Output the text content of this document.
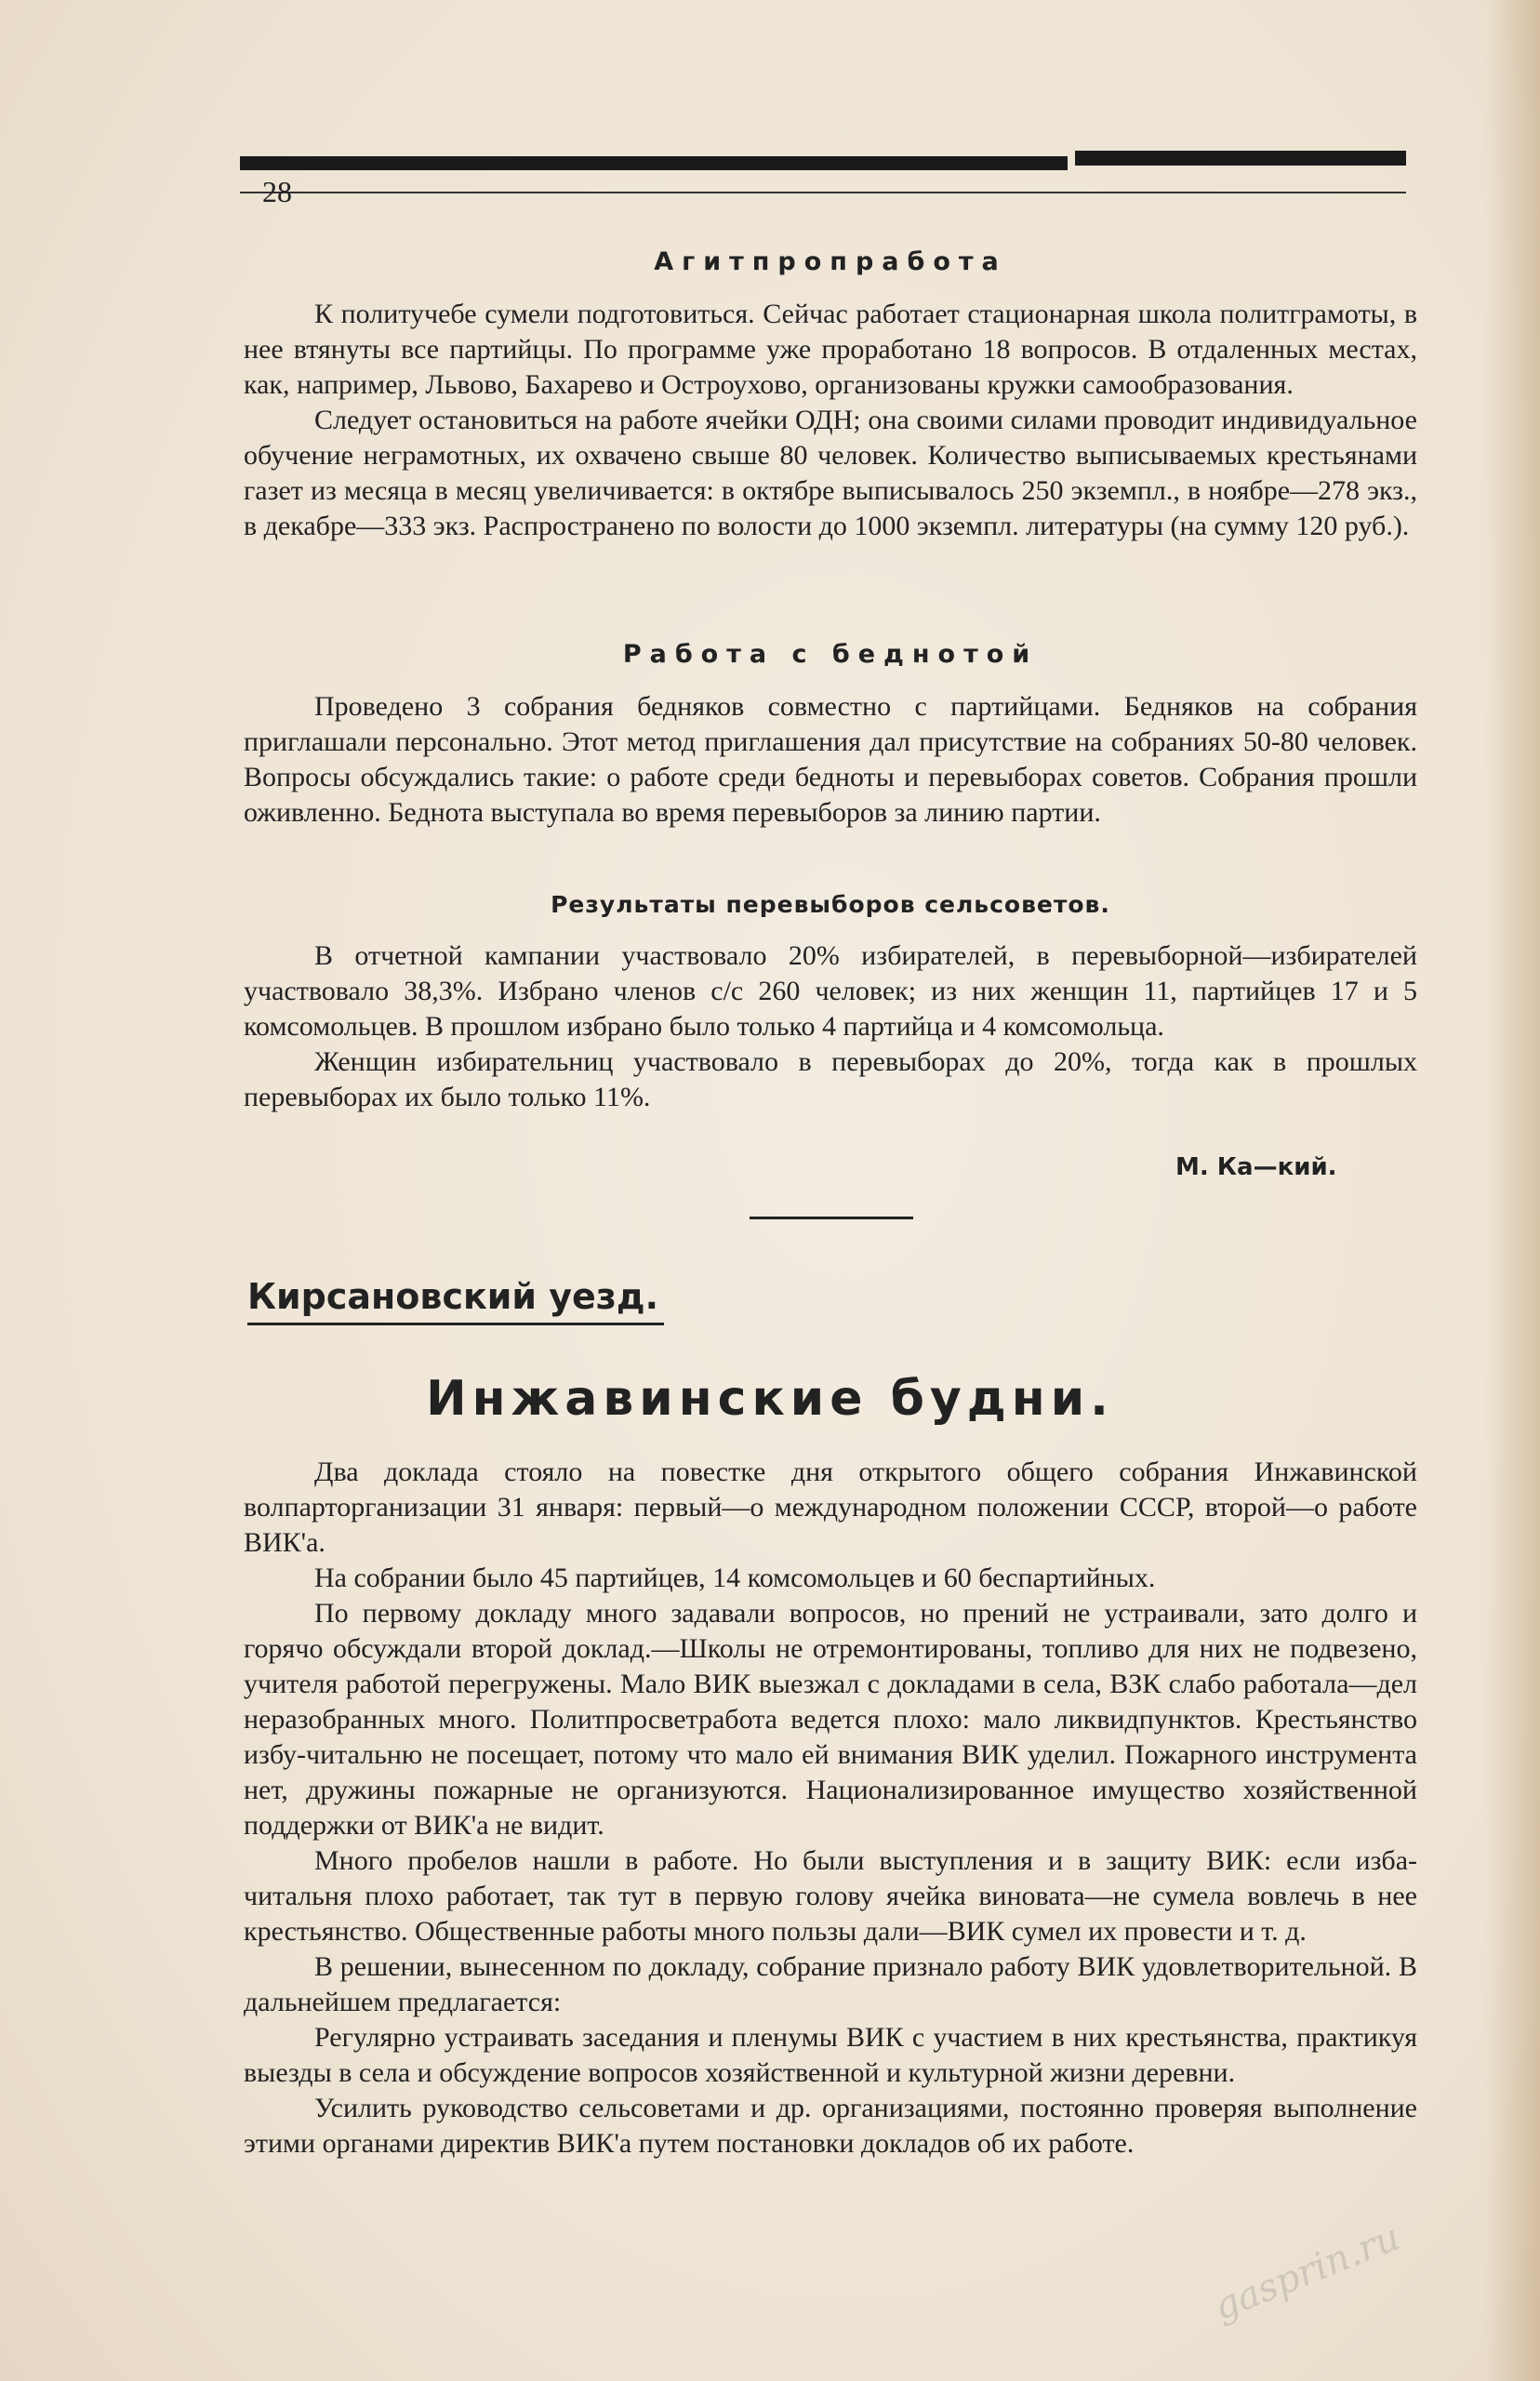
28
Агитпропработа

К политучебе сумели подготовиться. Сейчас работает стационарная школа политграмоты, в нее втянуты все партийцы. По программе уже проработано 18 вопросов. В отдаленных местах, как, например, Львово, Бахарево и Остроухово, организованы кружки самообразования.

Следует остановиться на работе ячейки ОДН; она своими силами проводит индивидуальное обучение неграмотных, их охвачено свыше 80 человек. Количество выписываемых крестьянами газет из месяца в месяц увеличивается: в октябре выписывалось 250 экземпл., в ноябре—278 экз., в декабре—333 экз. Распространено по волости до 1000 экземпл. литературы (на сумму 120 руб.).

Работа с беднотой

Проведено 3 собрания бедняков совместно с партийцами. Бедняков на собрания приглашали персонально. Этот метод приглашения дал присутствие на собраниях 50-80 человек. Вопросы обсуждались такие: о работе среди бедноты и перевыборах советов. Собрания прошли оживленно. Беднота выступала во время перевыборов за линию партии.

Результаты перевыборов сельсоветов.

В отчетной кампании участвовало 20% избирателей, в перевыборной—избирателей участвовало 38,3%. Избрано членов с/с 260 человек; из них женщин 11, партийцев 17 и 5 комсомольцев. В прошлом избрано было только 4 партийца и 4 комсомольца.

Женщин избирательниц участвовало в перевыборах до 20%, тогда как в прошлых перевыборах их было только 11%.

М. Ка—кий.
Кирсановский уезд.
Инжавинские будни.

Два доклада стояло на повестке дня открытого общего собрания Инжавинской волпарторганизации 31 января: первый—о международном положении СССР, второй—о работе ВИК'а.

На собрании было 45 партийцев, 14 комсомольцев и 60 беспартийных.

По первому докладу много задавали вопросов, но прений не устраивали, зато долго и горячо обсуждали второй доклад.—Школы не отремонтированы, топливо для них не подвезено, учителя работой перегружены. Мало ВИК выезжал с докладами в села, ВЗК слабо работала—дел неразобранных много. Политпросветработа ведется плохо: мало ликвидпунктов. Крестьянство избу-читальню не посещает, потому что мало ей внимания ВИК уделил. Пожарного инструмента нет, дружины пожарные не организуются. Национализированное имущество хозяйственной поддержки от ВИК'а не видит.

Много пробелов нашли в работе. Но были выступления и в защиту ВИК: если изба-читальня плохо работает, так тут в первую голову ячейка виновата—не сумела вовлечь в нее крестьянство. Общественные работы много пользы дали—ВИК сумел их провести и т. д.

В решении, вынесенном по докладу, собрание признало работу ВИК удовлетворительной. В дальнейшем предлагается:

Регулярно устраивать заседания и пленумы ВИК с участием в них крестьянства, практикуя выезды в села и обсуждение вопросов хозяйственной и культурной жизни деревни.

Усилить руководство сельсоветами и др. организациями, постоянно проверяя выполнение этими органами директив ВИК'а путем постановки докладов об их работе.

gasprin.ru
